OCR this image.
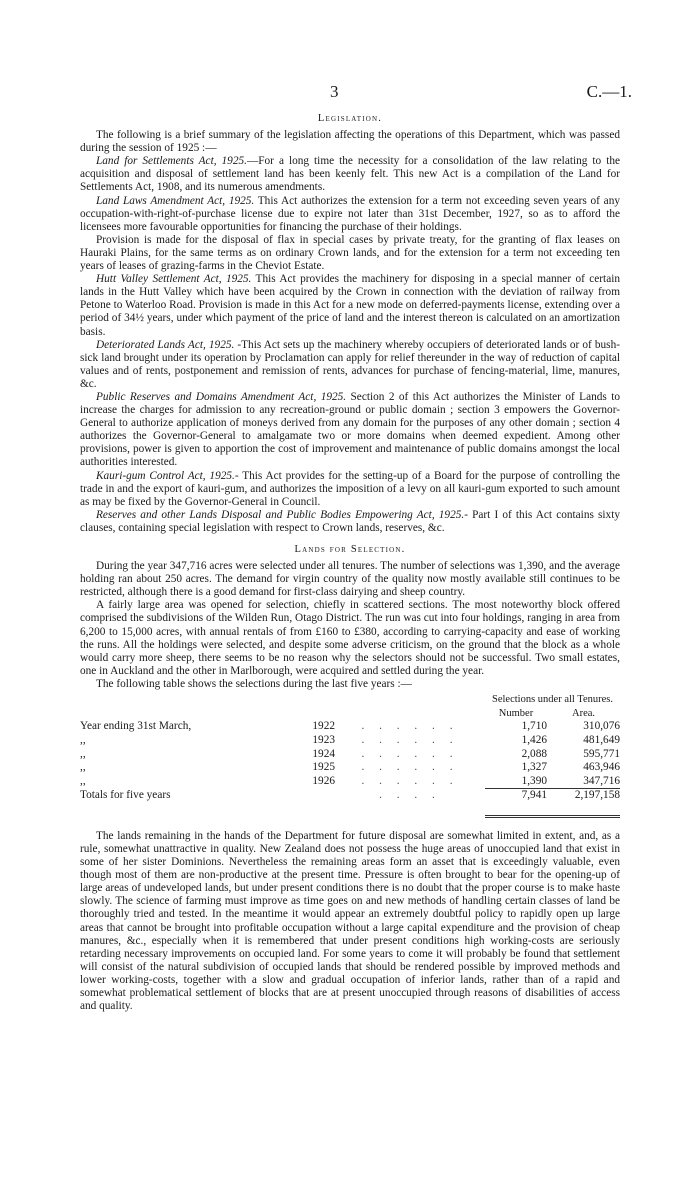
3	C.—1.
Legislation.

The following is a brief summary of the legislation affecting the operations of this Department, which was passed during the session of 1925 :—

Land for Settlements Act, 1925.—For a long time the necessity for a consolidation of the law relating to the acquisition and disposal of settlement land has been keenly felt. This new Act is a compilation of the Land for Settlements Act, 1908, and its numerous amendments.

Land Laws Amendment Act, 1925. This Act authorizes the extension for a term not exceeding seven years of any occupation-with-right-of-purchase license due to expire not later than 31st December, 1927, so as to afford the licensees more favourable opportunities for financing the purchase of their holdings.

Provision is made for the disposal of flax in special cases by private treaty, for the granting of flax leases on Hauraki Plains, for the same terms as on ordinary Crown lands, and for the extension for a term not exceeding ten years of leases of grazing-farms in the Cheviot Estate.

Hutt Valley Settlement Act, 1925. This Act provides the machinery for disposing in a special manner of certain lands in the Hutt Valley which have been acquired by the Crown in connection with the deviation of railway from Petone to Waterloo Road. Provision is made in this Act for a new mode on deferred-payments license, extending over a period of 34½ years, under which payment of the price of land and the interest thereon is calculated on an amortization basis.

Deteriorated Lands Act, 1925. -This Act sets up the machinery whereby occupiers of deteriorated lands or of bush-sick land brought under its operation by Proclamation can apply for relief thereunder in the way of reduction of capital values and of rents, postponement and remission of rents, advances for purchase of fencing-material, lime, manures, &c.

Public Reserves and Domains Amendment Act, 1925. Section 2 of this Act authorizes the Minister of Lands to increase the charges for admission to any recreation-ground or public domain ; section 3 empowers the Governor-General to authorize application of moneys derived from any domain for the purposes of any other domain ; section 4 authorizes the Governor-General to amalgamate two or more domains when deemed expedient. Among other provisions, power is given to apportion the cost of improvement and maintenance of public domains amongst the local authorities interested.

Kauri-gum Control Act, 1925.- This Act provides for the setting-up of a Board for the purpose of controlling the trade in and the export of kauri-gum, and authorizes the imposition of a levy on all kauri-gum exported to such amount as may be fixed by the Governor-General in Council.

Reserves and other Lands Disposal and Public Bodies Empowering Act, 1925.- Part I of this Act contains sixty clauses, containing special legislation with respect to Crown lands, reserves, &c.

Lands for Selection.

During the year 347,716 acres were selected under all tenures. The number of selections was 1,390, and the average holding ran about 250 acres. The demand for virgin country of the quality now mostly available still continues to be restricted, although there is a good demand for first-class dairying and sheep country.

A fairly large area was opened for selection, chiefly in scattered sections. The most noteworthy block offered comprised the subdivisions of the Wilden Run, Otago District. The run was cut into four holdings, ranging in area from 6,200 to 15,000 acres, with annual rentals of from £160 to £380, according to carrying-capacity and ease of working the runs. All the holdings were selected, and despite some adverse criticism, on the ground that the block as a whole would carry more sheep, there seems to be no reason why the selectors should not be successful. Two small estates, one in Auckland and the other in Marlborough, were acquired and settled during the year.

The following table shows the selections during the last five years :—

			Selections under all Tenures.	
			Number	Area.
Year ending 31st March,	1922	. . . . . .	1,710	310,076
,,	1923	. . . . . .	1,426	481,649
,,	1924	. . . . . .	2,088	595,771
,,	1925	. . . . . .	1,327	463,946
,,	1926	. . . . . .	1,390	347,716
Totals for five years		. . . .	7,941	2,197,158

The lands remaining in the hands of the Department for future disposal are somewhat limited in extent, and, as a rule, somewhat unattractive in quality. New Zealand does not possess the huge areas of unoccupied land that exist in some of her sister Dominions. Nevertheless the remaining areas form an asset that is exceedingly valuable, even though most of them are non-productive at the present time. Pressure is often brought to bear for the opening-up of large areas of undeveloped lands, but under present conditions there is no doubt that the proper course is to make haste slowly. The science of farming must improve as time goes on and new methods of handling certain classes of land be thoroughly tried and tested. In the meantime it would appear an extremely doubtful policy to rapidly open up large areas that cannot be brought into profitable occupation without a large capital expenditure and the provision of cheap manures, &c., especially when it is remembered that under present conditions high working-costs are seriously retarding necessary improvements on occupied land. For some years to come it will probably be found that settlement will consist of the natural subdivision of occupied lands that should be rendered possible by improved methods and lower working-costs, together with a slow and gradual occupation of inferior lands, rather than of a rapid and somewhat problematical settlement of blocks that are at present unoccupied through reasons of disabilities of access and quality.
